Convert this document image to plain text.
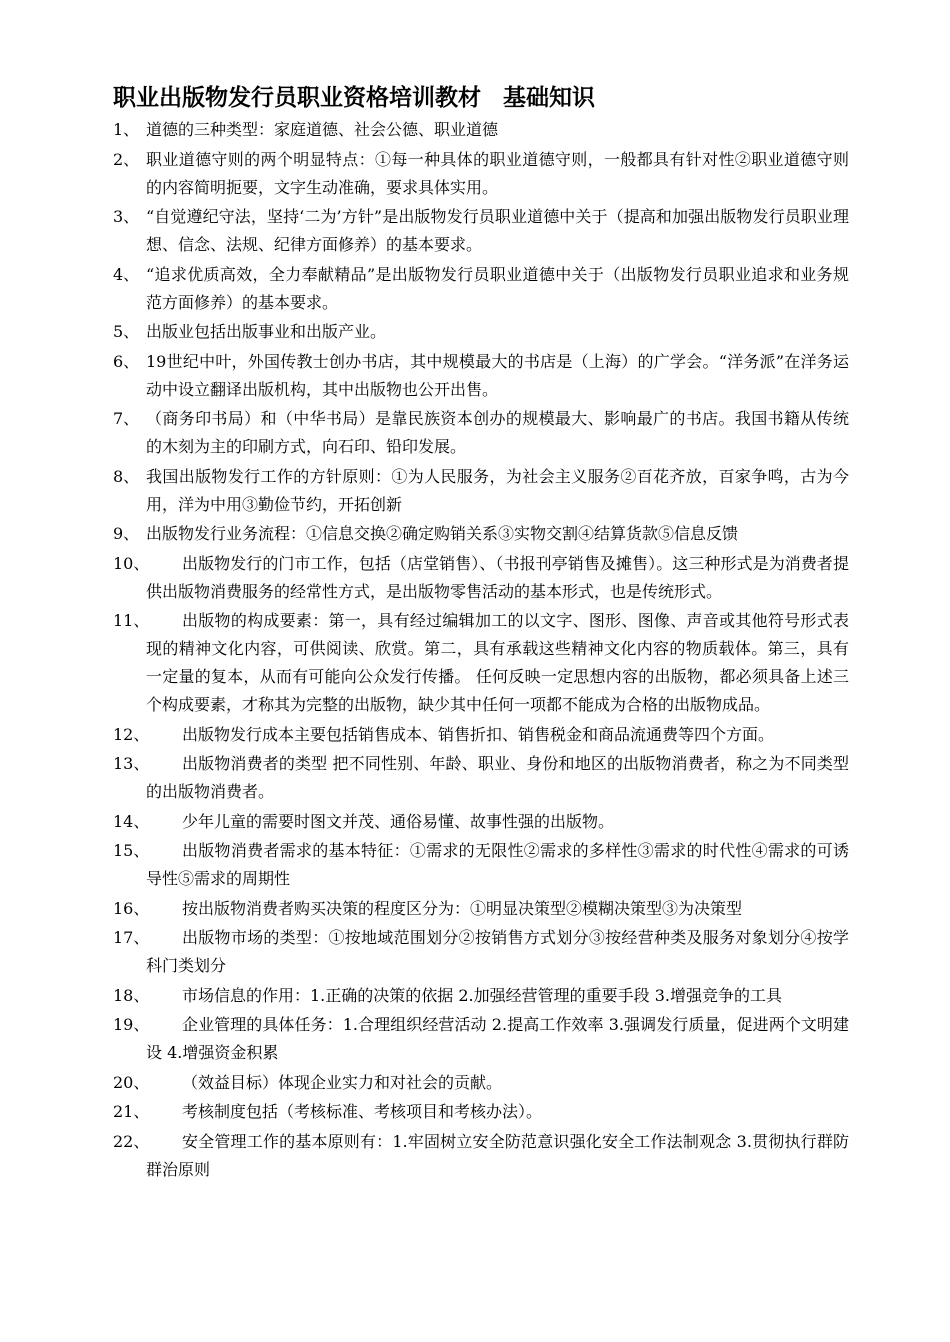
职业出版物发行员职业资格培训教材 基础知识
1、 道德的三种类型：家庭道德、社会公德、职业道德
2、 职业道德守则的两个明显特点：①每一种具体的职业道德守则，一般都具有针对性②职业道德守则的内容简明扼要，文字生动准确，要求具体实用。
3、 “自觉遵纪守法，坚持‘二为’方针”是出版物发行员职业道德中关于（提高和加强出版物发行员职业理想、信念、法规、纪律方面修养）的基本要求。
4、 “追求优质高效，全力奉献精品”是出版物发行员职业道德中关于（出版物发行员职业追求和业务规范方面修养）的基本要求。
5、 出版业包括出版事业和出版产业。
6、 19世纪中叶，外国传教士创办书店，其中规模最大的书店是（上海）的广学会。“洋务派”在洋务运动中设立翻译出版机构，其中出版物也公开出售。
7、 （商务印书局）和（中华书局）是靠民族资本创办的规模最大、影响最广的书店。我国书籍从传统的木刻为主的印刷方式，向石印、铅印发展。
8、 我国出版物发行工作的方针原则：①为人民服务，为社会主义服务②百花齐放，百家争鸣，古为今用，洋为中用③勤俭节约，开拓创新
9、 出版物发行业务流程：①信息交换②确定购销关系③实物交割④结算货款⑤信息反馈
10、	出版物发行的门市工作，包括（店堂销售）、（书报刊亭销售及摊售）。这三种形式是为消费者提供出版物消费服务的经常性方式，是出版物零售活动的基本形式，也是传统形式。
11、	出版物的构成要素：第一，具有经过编辑加工的以文字、图形、图像、声音或其他符号形式表现的精神文化内容，可供阅读、欣赏。第二，具有承载这些精神文化内容的物质载体。第三，具有一定量的复本，从而有可能向公众发行传播。 任何反映一定思想内容的出版物，都必须具备上述三个构成要素，才称其为完整的出版物，缺少其中任何一项都不能成为合格的出版物成品。
12、	出版物发行成本主要包括销售成本、销售折扣、销售税金和商品流通费等四个方面。
13、	出版物消费者的类型 把不同性别、年龄、职业、身份和地区的出版物消费者，称之为不同类型的出版物消费者。
14、	少年儿童的需要时图文并茂、通俗易懂、故事性强的出版物。
15、	出版物消费者需求的基本特征：①需求的无限性②需求的多样性③需求的时代性④需求的可诱导性⑤需求的周期性
16、	按出版物消费者购买决策的程度区分为：①明显决策型②模糊决策型③为决策型
17、	出版物市场的类型：①按地域范围划分②按销售方式划分③按经营种类及服务对象划分④按学科门类划分
18、	市场信息的作用：1.正确的决策的依据 2.加强经营管理的重要手段 3.增强竞争的工具
19、	企业管理的具体任务：1.合理组织经营活动 2.提高工作效率 3.强调发行质量，促进两个文明建设 4.增强资金积累
20、	（效益目标）体现企业实力和对社会的贡献。
21、	考核制度包括（考核标准、考核项目和考核办法）。
22、	安全管理工作的基本原则有：1.牢固树立安全防范意识强化安全工作法制观念 3.贯彻执行群防群治原则
